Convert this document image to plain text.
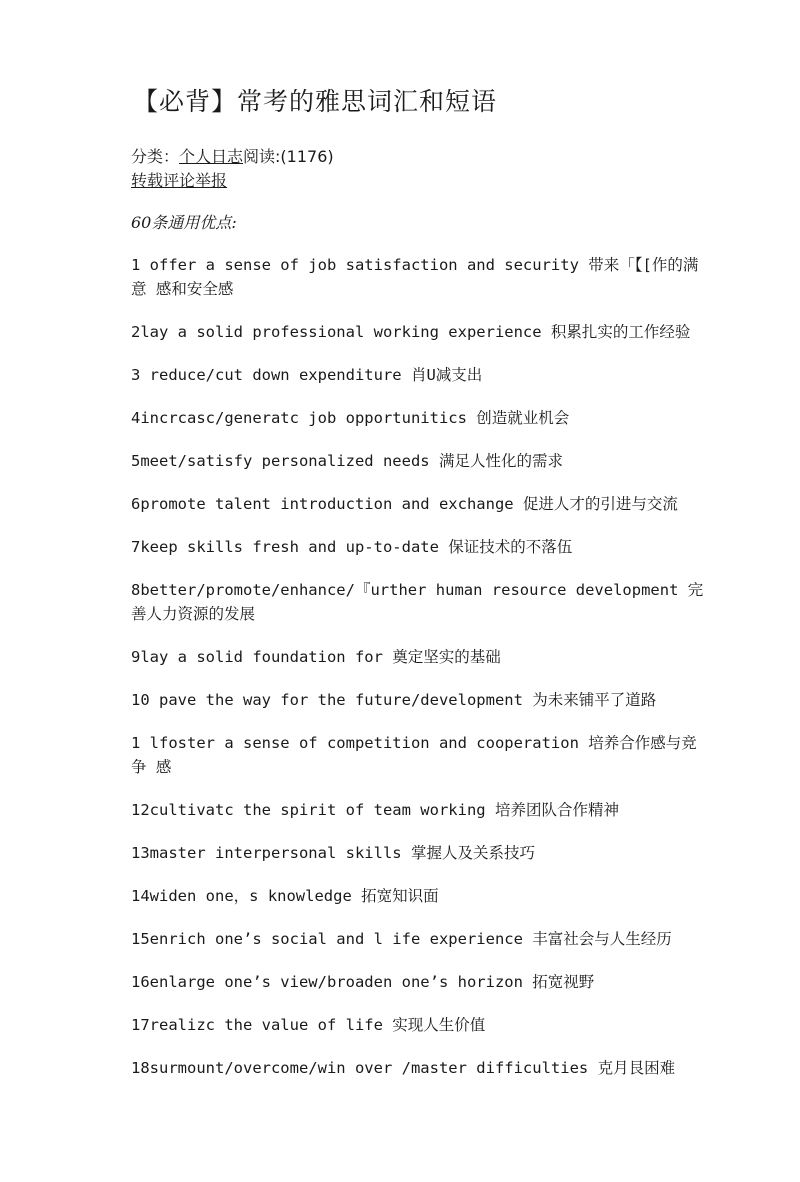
【必背】常考的雅思词汇和短语
分类：个人日志阅读:(1176)
转载评论举报
60条通用优点:
1 offer a sense of job satisfaction and security 带来「【[作的满意 感和安全感
2lay a solid professional working experience 积累扎实的工作经验
3 reduce/cut down expenditure 肖U减支出
4incrcasc/generatc job opportunitics 创造就业机会
5meet/satisfy personalized needs 满足人性化的需求
6promote talent introduction and exchange 促进人才的引进与交流
7keep skills fresh and up-to-date 保证技术的不落伍
8better/promote/enhance/『urther human resource development 完善人力资源的发展
9lay a solid foundation for 奠定坚实的基础
10 pave the way for the future/development 为未来铺平了道路
1 lfoster a sense of competition and cooperation 培养合作感与竞争 感
12cultivatc the spirit of team working 培养团队合作精神
13master interpersonal skills 掌握人及关系技巧
14widen one，s knowledge 拓宽知识面
15enrich one’s social and l ife experience 丰富社会与人生经历
16enlarge one’s view/broaden one’s horizon 拓宽视野
17realizc the value of life 实现人生价值
18surmount/overcome/win over /master difficulties 克月艮困难
